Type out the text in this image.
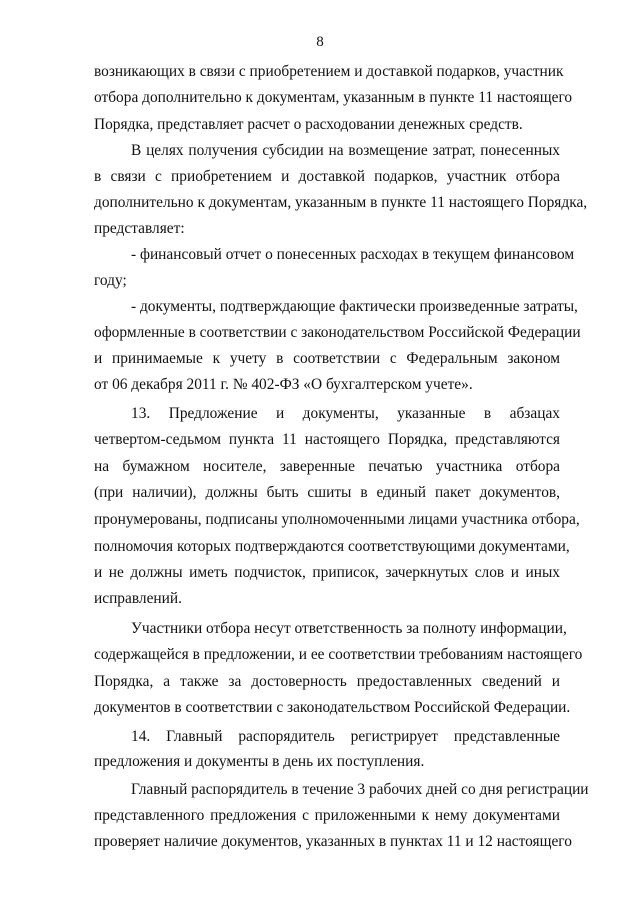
8
возникающих в связи с приобретением и доставкой подарков, участник
отбора дополнительно к документам, указанным в пункте 11 настоящего
Порядка, представляет расчет о расходовании денежных средств.
В целях получения субсидии на возмещение затрат, понесенных
в связи с приобретением и доставкой подарков, участник отбора
дополнительно к документам, указанным в пункте 11 настоящего Порядка,
представляет:
- финансовый отчет о понесенных расходах в текущем финансовом
году;
- документы, подтверждающие фактически произведенные затраты,
оформленные в соответствии с законодательством Российской Федерации
и принимаемые к учету в соответствии с Федеральным законом
от 06 декабря 2011 г. № 402-ФЗ «О бухгалтерском учете».
13. Предложение и документы, указанные в абзацах
четвертом-седьмом пункта 11 настоящего Порядка, представляются
на бумажном носителе, заверенные печатью участника отбора
(при наличии), должны быть сшиты в единый пакет документов,
пронумерованы, подписаны уполномоченными лицами участника отбора,
полномочия которых подтверждаются соответствующими документами,
и не должны иметь подчисток, приписок, зачеркнутых слов и иных
исправлений.
Участники отбора несут ответственность за полноту информации,
содержащейся в предложении, и ее соответствии требованиям настоящего
Порядка, а также за достоверность предоставленных сведений и
документов в соответствии с законодательством Российской Федерации.
14. Главный распорядитель регистрирует представленные
предложения и документы в день их поступления.
Главный распорядитель в течение 3 рабочих дней со дня регистрации
представленного предложения с приложенными к нему документами
проверяет наличие документов, указанных в пунктах 11 и 12 настоящего
